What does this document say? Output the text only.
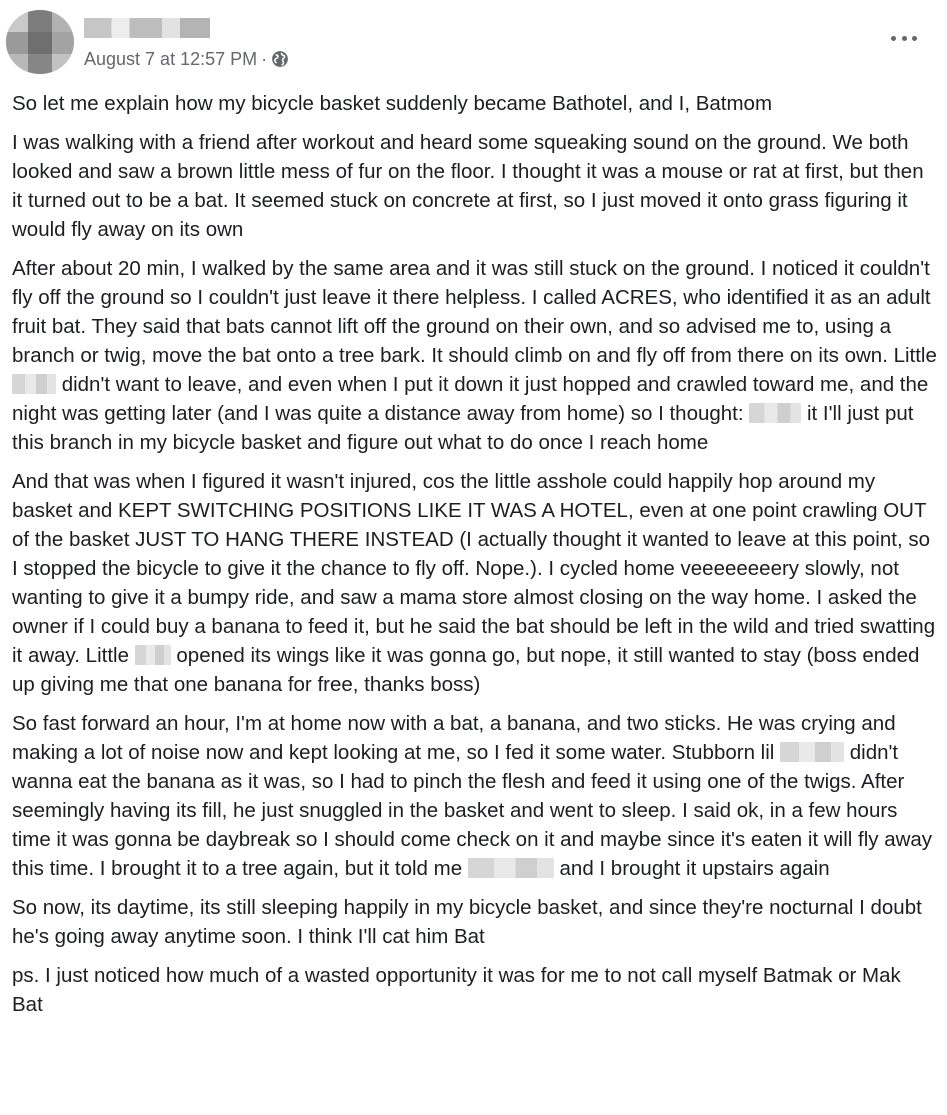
August 7 at 12:57 PM ·

So let me explain how my bicycle basket suddenly became Bathotel, and I, Batmom

I was walking with a friend after workout and heard some squeaking sound on the ground. We both looked and saw a brown little mess of fur on the floor. I thought it was a mouse or rat at first, but then it turned out to be a bat. It seemed stuck on concrete at first, so I just moved it onto grass figuring it would fly away on its own

After about 20 min, I walked by the same area and it was still stuck on the ground. I noticed it couldn't fly off the ground so I couldn't just leave it there helpless. I called ACRES, who identified it as an adult fruit bat. They said that bats cannot lift off the ground on their own, and so advised me to, using a branch or twig, move the bat onto a tree bark. It should climb on and fly off from there on its own. Little  didn't want to leave, and even when I put it down it just hopped and crawled toward me, and the night was getting later (and I was quite a distance away from home) so I thought:	it I'll just put this branch in my bicycle basket and figure out what to do once I reach home

And that was when I figured it wasn't injured, cos the little asshole could happily hop around my basket and KEPT SWITCHING POSITIONS LIKE IT WAS A HOTEL, even at one point crawling OUT of the basket JUST TO HANG THERE INSTEAD (I actually thought it wanted to leave at this point, so I stopped the bicycle to give it the chance to fly off. Nope.). I cycled home veeeeeeeery slowly, not wanting to give it a bumpy ride, and saw a mama store almost closing on the way home. I asked the owner if I could buy a banana to feed it, but he said the bat should be left in the wild and tried swatting it away. Little opened its wings like it was gonna go, but nope, it still wanted to stay (boss ended up giving me that one banana for free, thanks boss)

So fast forward an hour, I'm at home now with a bat, a banana, and two sticks. He was crying and making a lot of noise now and kept looking at me, so I fed it some water. Stubborn lil	didn't wanna eat the banana as it was, so I had to pinch the flesh and feed it using one of the twigs. After seemingly having its fill, he just snuggled in the basket and went to sleep. I said ok, in a few hours time it was gonna be daybreak so I should come check on it and maybe since it's eaten it will fly away this time. I brought it to a tree again, but it told me	and I brought it upstairs again

So now, its daytime, its still sleeping happily in my bicycle basket, and since they're nocturnal I doubt he's going away anytime soon. I think I'll cat him Bat

ps. I just noticed how much of a wasted opportunity it was for me to not call myself Batmak or Mak Bat
